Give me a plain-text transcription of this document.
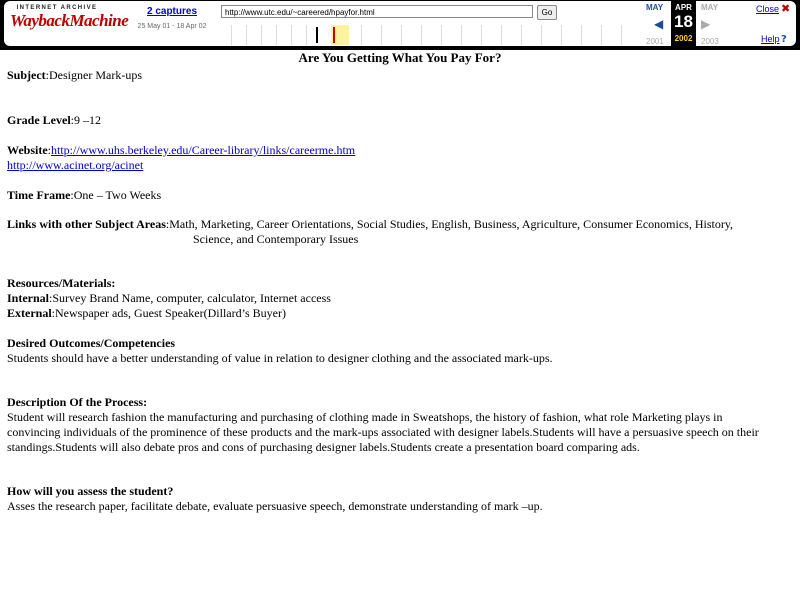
INTERNET ARCHIVE
WaybackMachine	2 captures
25 May 01 - 18 Apr 02
http://www.utc.edu/~careered/hpayfor.html	Go
MAY
◀
2001
APR
18
2002
MAY
▶
2003
Close ✖
Help ?
Are You Getting What You Pay For?
Subject:Designer Mark-ups
Grade Level:9 –12
Website:http://www.uhs.berkeley.edu/Career-library/links/careerme.htm
http://www.acinet.org/acinet
Time Frame:One – Two Weeks
Links with other Subject Areas:Math, Marketing, Career Orientations, Social Studies, English, Business, Agriculture, Consumer Economics, History,
Science, and Contemporary Issues
Resources/Materials:
Internal:Survey Brand Name, computer, calculator, Internet access
External:Newspaper ads, Guest Speaker(Dillard’s Buyer)
Desired Outcomes/Competencies
Students should have a better understanding of value in relation to designer clothing and the associated mark-ups.
Description Of the Process:
Student will research fashion the manufacturing and purchasing of clothing made in Sweatshops, the history of fashion, what role Marketing plays in
convincing individuals of the prominence of these products and the mark-ups associated with designer labels.Students will have a persuasive speech on their
standings.Students will also debate pros and cons of purchasing designer labels.Students create a presentation board comparing ads.
How will you assess the student?
Asses the research paper, facilitate debate, evaluate persuasive speech, demonstrate understanding of mark –up.
